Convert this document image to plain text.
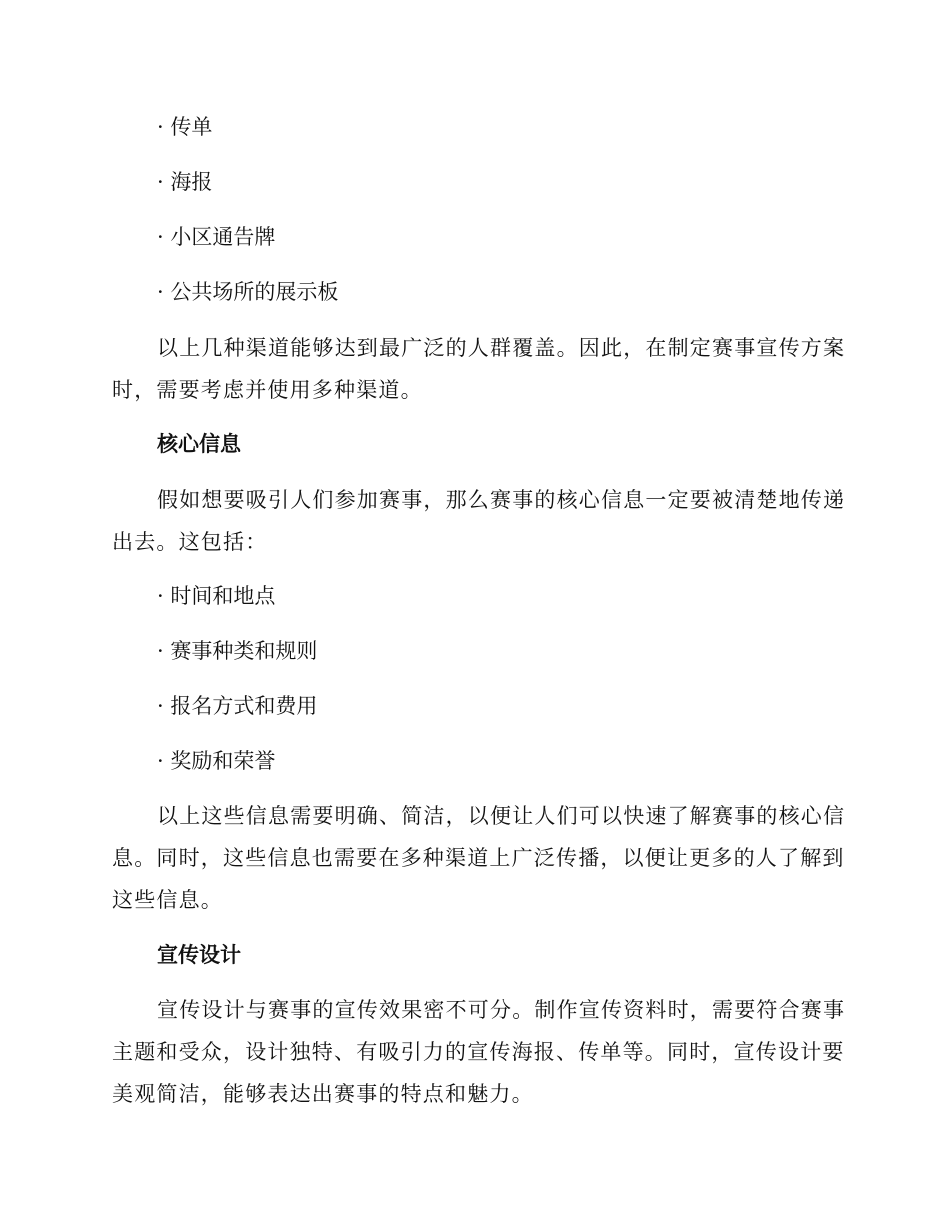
· 传单
· 海报
· 小区通告牌
· 公共场所的展示板
以上几种渠道能够达到最广泛的人群覆盖。因此，在制定赛事宣传方案
时，需要考虑并使用多种渠道。
核心信息
假如想要吸引人们参加赛事，那么赛事的核心信息一定要被清楚地传递
出去。这包括：
· 时间和地点
· 赛事种类和规则
· 报名方式和费用
· 奖励和荣誉
以上这些信息需要明确、简洁，以便让人们可以快速了解赛事的核心信
息。同时，这些信息也需要在多种渠道上广泛传播，以便让更多的人了解到
这些信息。
宣传设计
宣传设计与赛事的宣传效果密不可分。制作宣传资料时，需要符合赛事
主题和受众，设计独特、有吸引力的宣传海报、传单等。同时，宣传设计要
美观简洁，能够表达出赛事的特点和魅力。
